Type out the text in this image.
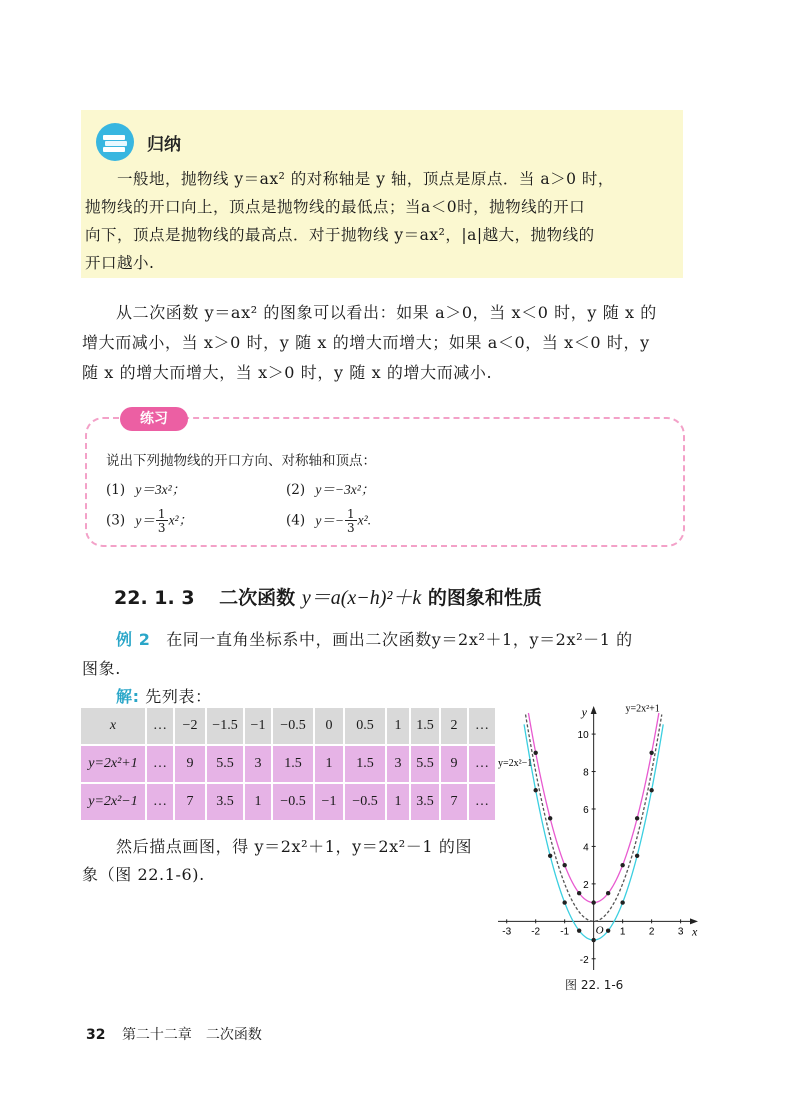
归纳
一般地，抛物线 y＝ax² 的对称轴是 y 轴，顶点是原点．当 a＞0 时，
抛物线的开口向上，顶点是抛物线的最低点；当a＜0时，抛物线的开口
向下，顶点是抛物线的最高点．对于抛物线 y＝ax²，|a|越大，抛物线的
开口越小.
从二次函数 y＝ax² 的图象可以看出：如果 a＞0，当 x＜0 时，y 随 x 的
增大而减小，当 x＞0 时，y 随 x 的增大而增大；如果 a＜0，当 x＜0 时，y
随 x 的增大而增大，当 x＞0 时，y 随 x 的增大而减小.
练习
说出下列抛物线的开口方向、对称轴和顶点：
(1) y＝3x²；	(2) y＝−3x²；
(3) $y= \frac{1}{3} x^2$；	(4) $y=- \frac{1}{3} x^2$.
22. 1. 3 二次函数 y＝a(x−h)²＋k 的图象和性质
例 2 在同一直角坐标系中，画出二次函数y＝2x²＋1，y＝2x²－1 的
图象.
解: 先列表：
x	…	−2	−1.5	−1	−0.5	0	0.5	1	1.5	2	…
y=2x²+1	…	9	5.5	3	1.5	1	1.5	3	5.5	9	…
y=2x²−1	…	7	3.5	1	−0.5	−1	−0.5	1	3.5	7	…
然后描点画图，得 y＝2x²＋1，y＝2x²－1 的图
象（图 22.1-6).
x
y
O
-3 -2 -1	1 2 3
-2
2
4
6
8
10
y=2x²+1
y=2x²−1
图 22. 1-6
32 第二十二章　二次函数
